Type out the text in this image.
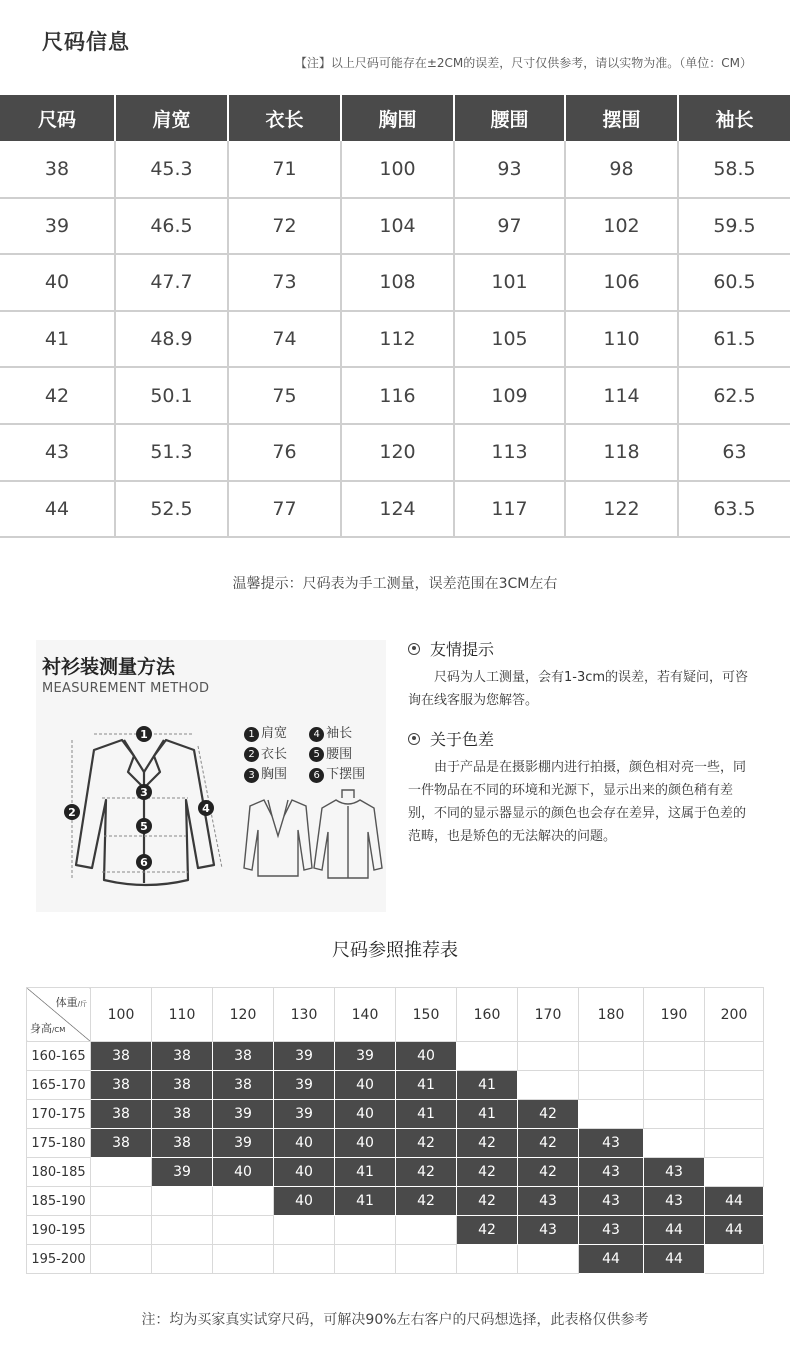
尺码信息
【注】以上尺码可能存在±2CM的误差，尺寸仅供参考，请以实物为准。（单位：CM）
尺码	肩宽	衣长	胸围	腰围	摆围	袖长
38	45.3	71	100	93	98	58.5
39	46.5	72	104	97	102	59.5
40	47.7	73	108	101	106	60.5
41	48.9	74	112	105	110	61.5
42	50.1	75	116	109	114	62.5
43	51.3	76	120	113	118	63
44	52.5	77	124	117	122	63.5
温馨提示：尺码表为手工测量，误差范围在3CM左右
1
2
3
4
5
6
衬衫装测量方法
MEASUREMENT METHOD
1 肩宽	4 袖长
2 衣长	5 腰围
3 胸围	6 下摆围
友情提示

尺码为人工测量，会有1-3cm的误差，若有疑问，可咨询在线客服为您解答。

关于色差

由于产品是在摄影棚内进行拍摄，颜色相对亮一些，同一件物品在不同的环境和光源下，显示出来的颜色稍有差别，不同的显示器显示的颜色也会存在差异，这属于色差的范畴，也是矫色的无法解决的问题。

尺码参照推荐表
体重/斤
身高/CM	100	110	120	130	140	150	160	170	180	190	200
160-165	38	38	38	39	39	40					
165-170	38	38	38	39	40	41	41				
170-175	38	38	39	39	40	41	41	42			
175-180	38	38	39	40	40	42	42	42	43		
180-185		39	40	40	41	42	42	42	43	43	
185-190				40	41	42	42	43	43	43	44
190-195							42	43	43	44	44
195-200									44	44	
注：均为买家真实试穿尺码，可解决90%左右客户的尺码想选择，此表格仅供参考
